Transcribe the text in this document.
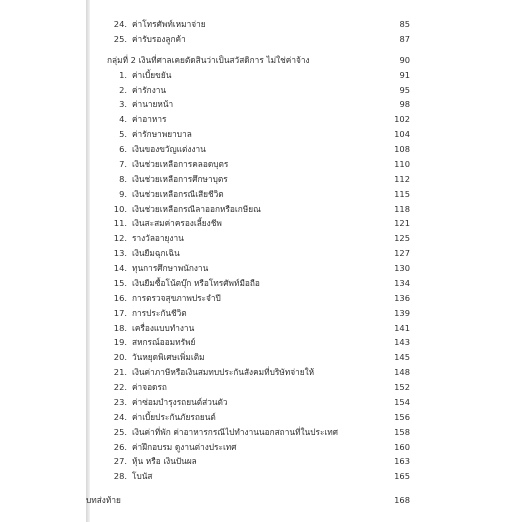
24. ค่าโทรศัพท์เหมาจ่าย	85
25. ค่ารับรองลูกค้า	87
กลุ่มที่ 2 เงินที่ศาลเคยตัดสินว่าเป็นสวัสดิการ ไม่ใช่ค่าจ้าง	90
1. ค่าเบี้ยขยัน	91
2. ค่ารักงาน	95
3. ค่านายหน้า	98
4. ค่าอาหาร	102
5. ค่ารักษาพยาบาล	104
6. เงินของขวัญแต่งงาน	108
7. เงินช่วยเหลือการคลอดบุตร	110
8. เงินช่วยเหลือการศึกษาบุตร	112
9. เงินช่วยเหลือกรณีเสียชีวิต	115
10. เงินช่วยเหลือกรณีลาออกหรือเกษียณ	118
11. เงินสะสมค่าครองเลี้ยงชีพ	121
12. รางวัลอายุงาน	125
13. เงินยืมฉุกเฉิน	127
14. ทุนการศึกษาพนักงาน	130
15. เงินยืมซื้อโน้ตบุ๊ก หรือโทรศัพท์มือถือ	134
16. การตรวจสุขภาพประจำปี	136
17. การประกันชีวิต	139
18. เครื่องแบบทำงาน	141
19. สหกรณ์ออมทรัพย์	143
20. วันหยุดพิเศษเพิ่มเติม	145
21. เงินค่าภาษีหรือเงินสมทบประกันสังคมที่บริษัทจ่ายให้	148
22. ค่าจอดรถ	152
23. ค่าซ่อมบำรุงรถยนต์ส่วนตัว	154
24. ค่าเบี้ยประกันภัยรถยนต์	156
25. เงินค่าที่พัก ค่าอาหารกรณีไปทำงานนอกสถานที่ในประเทศ	158
26. ค่าฝึกอบรม ดูงานต่างประเทศ	160
27. หุ้น หรือ เงินปันผล	163
28. โบนัส	165
บทส่งท้าย	168
